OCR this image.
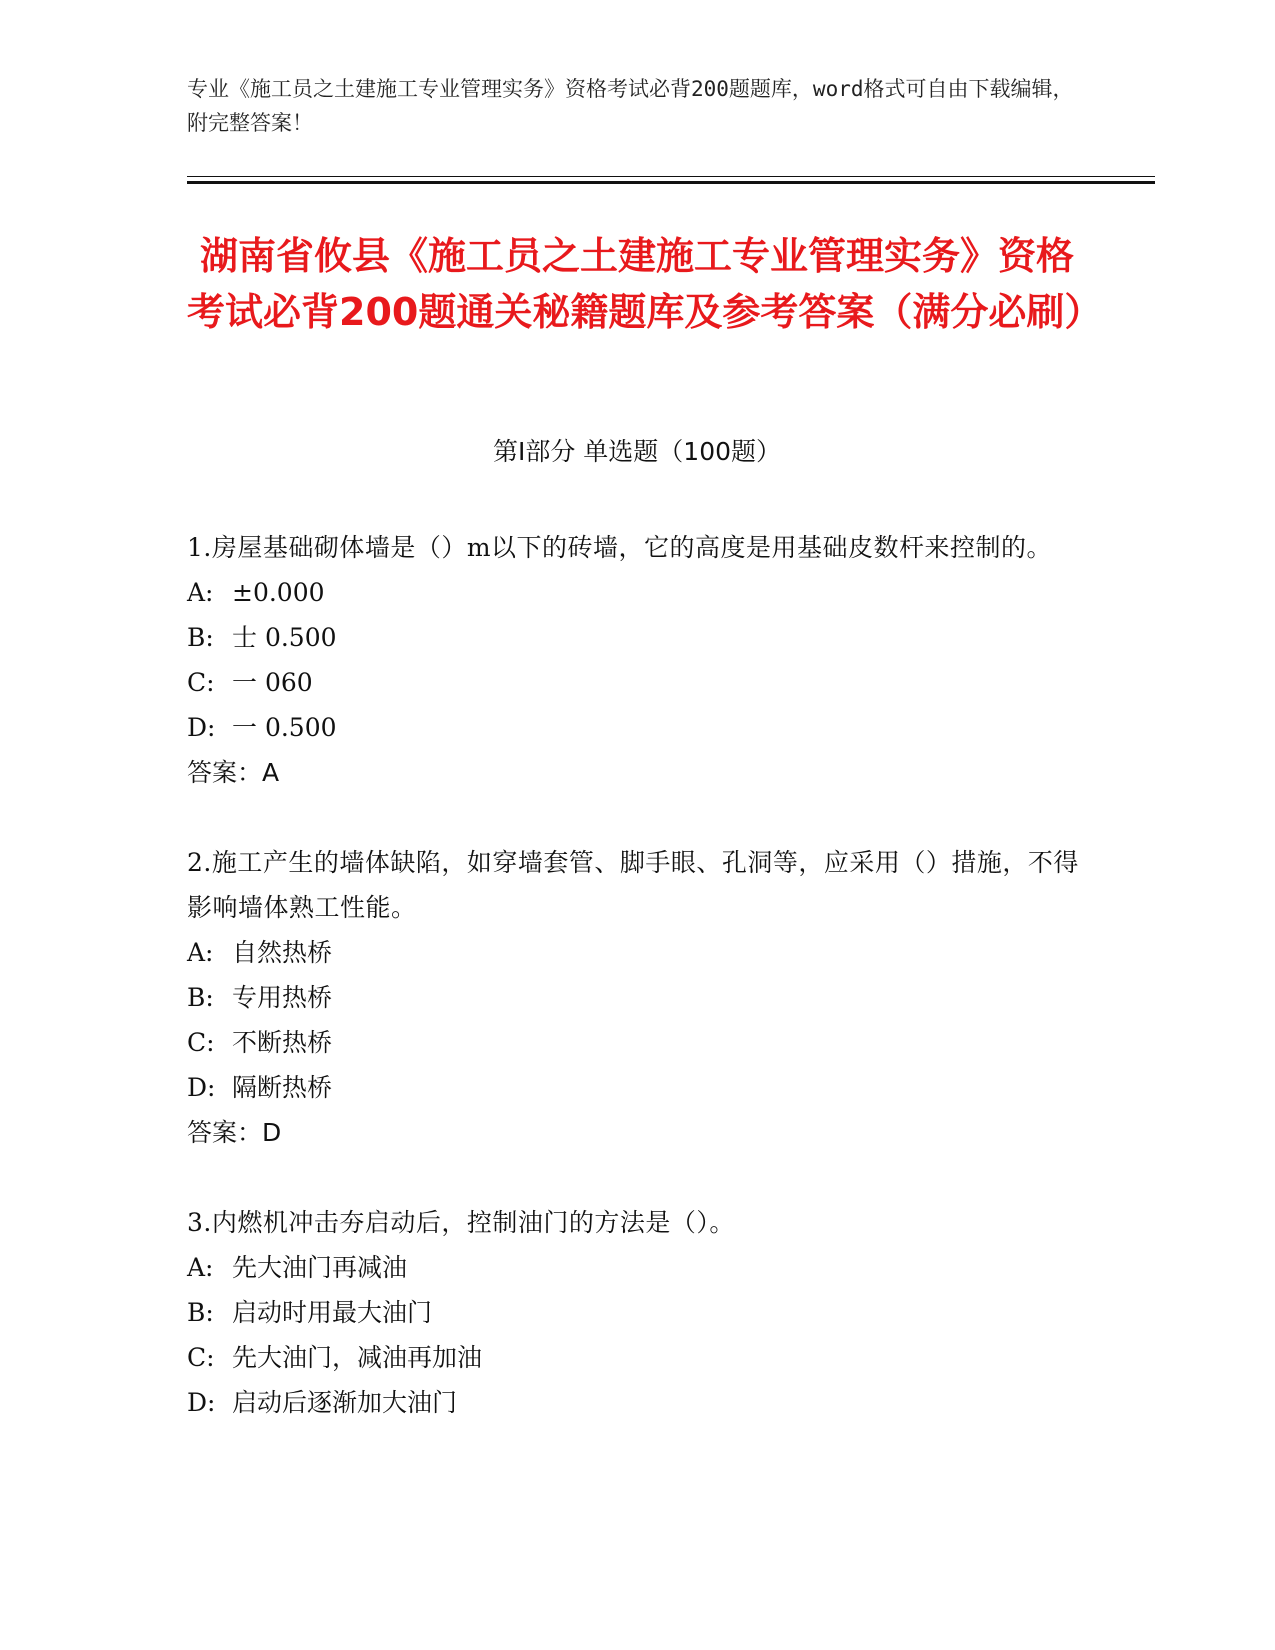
专业《施工员之土建施工专业管理实务》资格考试必背200题题库，word格式可自由下载编辑，附完整答案！
湖南省攸县《施工员之土建施工专业管理实务》资格考试必背200题通关秘籍题库及参考答案（满分必刷）
第I部分 单选题（100题）
1.房屋基础砌体墙是（）m以下的砖墙，它的高度是用基础皮数杆来控制的。
A: ±0.000
B: 士 0.500
C: 一 060
D: 一 0.500
答案：A
2.施工产生的墙体缺陷，如穿墙套管、脚手眼、孔洞等，应采用（）措施，不得影响墙体熟工性能。
A: 自然热桥
B: 专用热桥
C: 不断热桥
D: 隔断热桥
答案：D
3.内燃机冲击夯启动后，控制油门的方法是（）。
A: 先大油门再减油
B: 启动时用最大油门
C: 先大油门，减油再加油
D: 启动后逐渐加大油门
